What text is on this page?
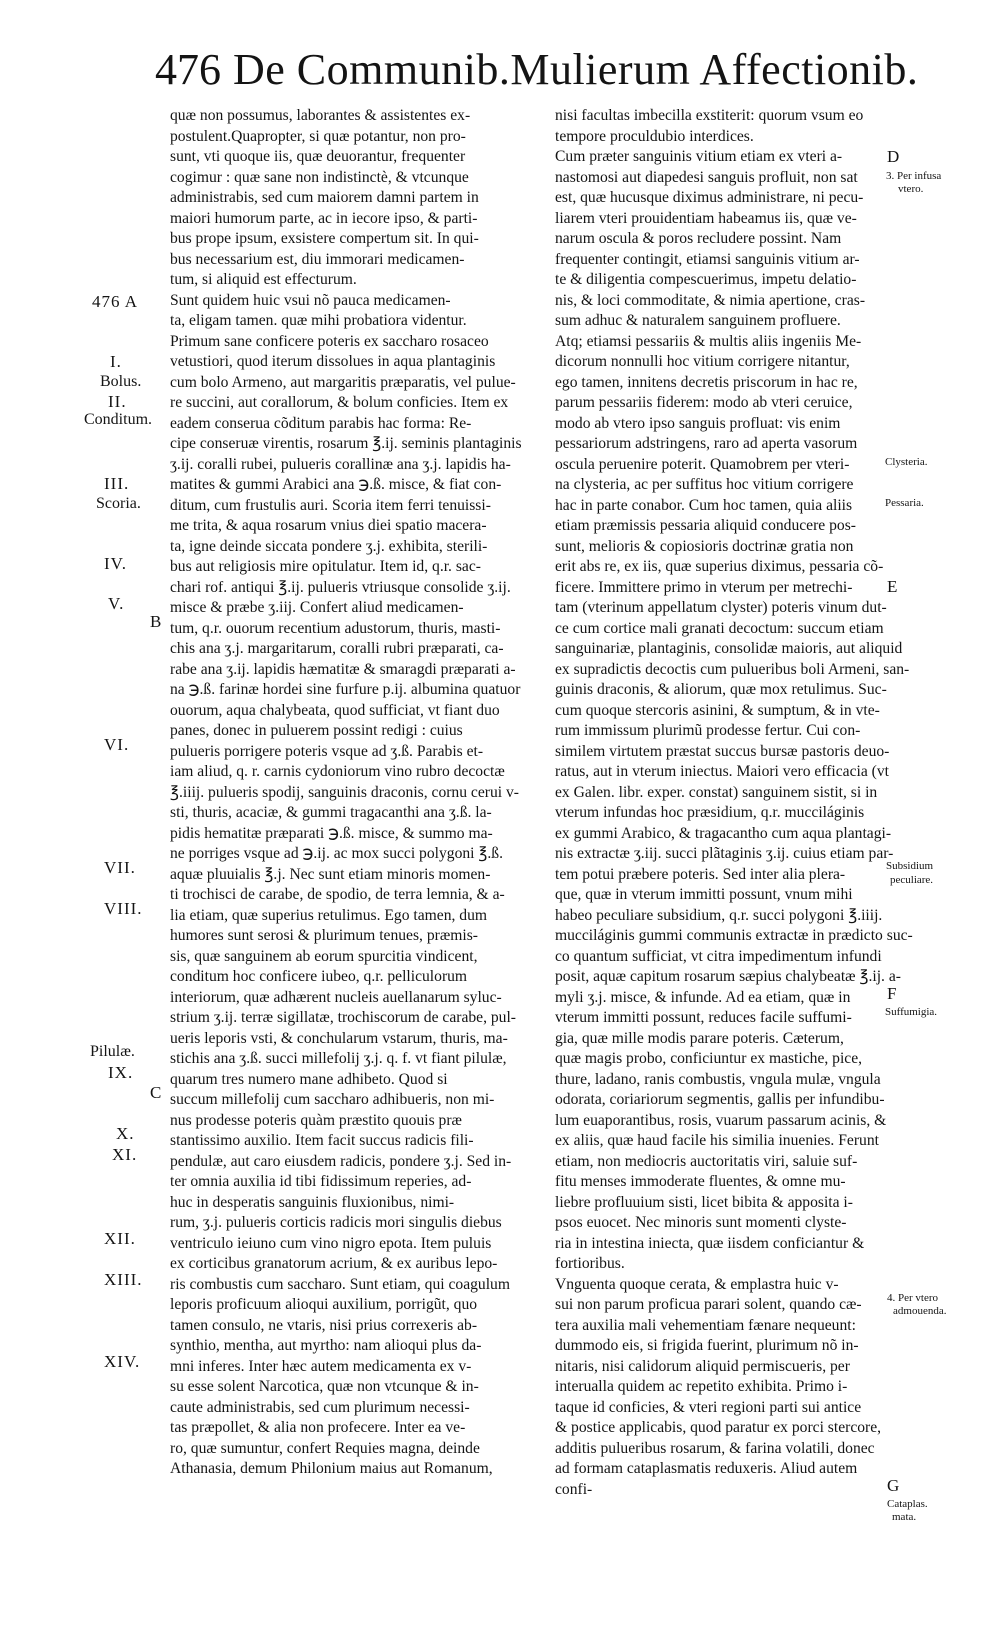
476 De Communib.Mulierum Affectionib.
quæ non possumus, laborantes & assistentes ex-
postulent.Quapropter, si quæ potantur, non pro-
sunt, vti quoque iis, quæ deuorantur, frequenter
cogimur : quæ sane non indistinctè, & vtcunque
administrabis, sed cum maiorem damni partem in
maiori humorum parte, ac in iecore ipso, & parti-
bus prope ipsum, exsistere compertum sit. In qui-
bus necessarium est, diu immorari medicamen-
tum, si aliquid est effecturum.
Sunt quidem huic vsui nõ pauca medicamen-
ta, eligam tamen. quæ mihi probatiora videntur.
Primum sane conficere poteris ex saccharo rosaceo
vetustiori, quod iterum dissolues in aqua plantaginis
cum bolo Armeno, aut margaritis præparatis, vel pulue-
re succini, aut corallorum, & bolum conficies. Item ex
eadem conserua cõditum parabis hac forma: Re-
cipe conseruæ virentis, rosarum ℥.ij. seminis plantaginis
ʒ.ij. coralli rubei, pulueris corallinæ ana ʒ.j. lapidis ha-
matites & gummi Arabici ana ℈.ß. misce, & fiat con-
ditum, cum frustulis auri. Scoria item ferri tenuissi-
me trita, & aqua rosarum vnius diei spatio macera-
ta, igne deinde siccata pondere ʒ.j. exhibita, sterili-
bus aut religiosis mire opitulatur. Item id, q.r. sac-
chari rof. antiqui ℥.ij. pulueris vtriusque consolide ʒ.ij.
misce & præbe ʒ.iij. Confert aliud medicamen-
tum, q.r. ouorum recentium adustorum, thuris, masti-
chis ana ʒ.j. margaritarum, coralli rubri præparati, ca-
rabe ana ʒ.ij. lapidis hæmatitæ & smaragdi præparati a-
na ℈.ß. farinæ hordei sine furfure p.ij. albumina quatuor
ouorum, aqua chalybeata, quod sufficiat, vt fiant duo
panes, donec in puluerem possint redigi : cuius
pulueris porrigere poteris vsque ad ʒ.ß. Parabis et-
iam aliud, q. r. carnis cydoniorum vino rubro decoctæ
℥.iiij. pulueris spodij, sanguinis draconis, cornu cerui v-
sti, thuris, acaciæ, & gummi tragacanthi ana ʒ.ß. la-
pidis hematitæ præparati ℈.ß. misce, & summo ma-
ne porriges vsque ad ℈.ij. ac mox succi polygoni ℥.ß.
aquæ pluuialis ℥.j. Nec sunt etiam minoris momen-
ti trochisci de carabe, de spodio, de terra lemnia, & a-
lia etiam, quæ superius retulimus. Ego tamen, dum
humores sunt serosi & plurimum tenues, præmis-
sis, quæ sanguinem ab eorum spurcitia vindicent,
conditum hoc conficere iubeo, q.r. pelliculorum
interiorum, quæ adhærent nucleis auellanarum syluc-
strium ʒ.ij. terræ sigillatæ, trochiscorum de carabe, pul-
ueris leporis vsti, & conchularum vstarum, thuris, ma-
stichis ana ʒ.ß. succi millefolij ʒ.j. q. f. vt fiant pilulæ,
quarum tres numero mane adhibeto. Quod si
succum millefolij cum saccharo adhibueris, non mi-
nus prodesse poteris quàm præstito quouis præ
stantissimo auxilio. Item facit succus radicis fili-
pendulæ, aut caro eiusdem radicis, pondere ʒ.j. Sed in-
ter omnia auxilia id tibi fidissimum reperies, ad-
huc in desperatis sanguinis fluxionibus, nimi-
rum, ʒ.j. pulueris corticis radicis mori singulis diebus
ventriculo ieiuno cum vino nigro epota. Item puluis
ex corticibus granatorum acrium, & ex auribus lepo-
ris combustis cum saccharo. Sunt etiam, qui coagulum
leporis proficuum alioqui auxilium, porrigũt, quo
tamen consulo, ne vtaris, nisi prius correxeris ab-
synthio, mentha, aut myrtho: nam alioqui plus da-
mni inferes. Inter hæc autem medicamenta ex v-
su esse solent Narcotica, quæ non vtcunque & in-
caute administrabis, sed cum plurimum necessi-
tas præpollet, & alia non profecere. Inter ea ve-
ro, quæ sumuntur, confert Requies magna, deinde
Athanasia, demum Philonium maius aut Romanum,
nisi facultas imbecilla exstiterit: quorum vsum eo
tempore proculdubio interdices.
Cum præter sanguinis vitium etiam ex vteri a-
nastomosi aut diapedesi sanguis profluit, non sat
est, quæ hucusque diximus administrare, ni pecu-
liarem vteri prouidentiam habeamus iis, quæ ve-
narum oscula & poros recludere possint. Nam
frequenter contingit, etiamsi sanguinis vitium ar-
te & diligentia compescuerimus, impetu delatio-
nis, & loci commoditate, & nimia apertione, cras-
sum adhuc & naturalem sanguinem profluere.
Atq; etiamsi pessariis & multis aliis ingeniis Me-
dicorum nonnulli hoc vitium corrigere nitantur,
ego tamen, innitens decretis priscorum in hac re,
parum pessariis fiderem: modo ab vteri ceruice,
modo ab vtero ipso sanguis profluat: vis enim
pessariorum adstringens, raro ad aperta vasorum
oscula peruenire poterit. Quamobrem per vteri-
na clysteria, ac per suffitus hoc vitium corrigere
hac in parte conabor. Cum hoc tamen, quia aliis
etiam præmissis pessaria aliquid conducere pos-
sunt, melioris & copiosioris doctrinæ gratia non
erit abs re, ex iis, quæ superius diximus, pessaria cõ-
ficere. Immittere primo in vterum per metrechi-
tam (vterinum appellatum clyster) poteris vinum dut-
ce cum cortice mali granati decoctum: succum etiam
sanguinariæ, plantaginis, consolidæ maioris, aut aliquid
ex supradictis decoctis cum pulueribus boli Armeni, san-
guinis draconis, & aliorum, quæ mox retulimus. Suc-
cum quoque stercoris asinini, & sumptum, & in vte-
rum immissum plurimũ prodesse fertur. Cui con-
similem virtutem præstat succus bursæ pastoris deuo-
ratus, aut in vterum iniectus. Maiori vero efficacia (vt
ex Galen. libr. exper. constat) sanguinem sistit, si in
vterum infundas hoc præsidium, q.r. mucciláginis
ex gummi Arabico, & tragacantho cum aqua plantagi-
nis extractæ ʒ.iij. succi plãtaginis ʒ.ij. cuius etiam par-
tem potui præbere poteris. Sed inter alia plera-
que, quæ in vterum immitti possunt, vnum mihi
habeo peculiare subsidium, q.r. succi polygoni ℥.iiij.
mucciláginis gummi communis extractæ in prædicto suc-
co quantum sufficiat, vt citra impedimentum infundi
posit, aquæ capitum rosarum sæpius chalybeatæ ℥.ij. a-
myli ʒ.j. misce, & infunde. Ad ea etiam, quæ in
vterum immitti possunt, reduces facile suffumi-
gia, quæ mille modis parare poteris. Cæterum,
quæ magis probo, conficiuntur ex mastiche, pice,
thure, ladano, ranis combustis, vngula mulæ, vngula
odorata, coriariorum segmentis, gallis per infundibu-
lum euaporantibus, rosis, vuarum passarum acinis, &
ex aliis, quæ haud facile his similia inuenies. Ferunt
etiam, non mediocris auctoritatis viri, saluie suf-
fitu menses immoderate fluentes, & omne mu-
liebre profluuium sisti, licet bibita & apposita i-
psos euocet. Nec minoris sunt momenti clyste-
ria in intestina iniecta, quæ iisdem conficiantur &
fortioribus.
Vnguenta quoque cerata, & emplastra huic v-
sui non parum proficua parari solent, quando cæ-
tera auxilia mali vehementiam fænare nequeunt:
dummodo eis, si frigida fuerint, plurimum nõ in-
nitaris, nisi calidorum aliquid permiscueris, per
interualla quidem ac repetito exhibita. Primo i-
taque id conficies, & vteri regioni parti sui antice
& postice applicabis, quod paratur ex porci stercore,
additis pulueribus rosarum, & farina volatili, donec
ad formam cataplasmatis reduxeris. Aliud autem
confi-
476 A
I.
Bolus.
II.
Conditum.
III.
Scoria.
IV.
V.
B
VI.
VII.
VIII.
Pilulæ.
IX.
C
X.
XI.
XII.
XIII.
XIV.
D
3. Per infusa
vtero.
Clysteria.
Pessaria.
E
Subsidium
peculiare.
F
Suffumigia.
4. Per vtero
admouenda.
G
Cataplas.
mata.
